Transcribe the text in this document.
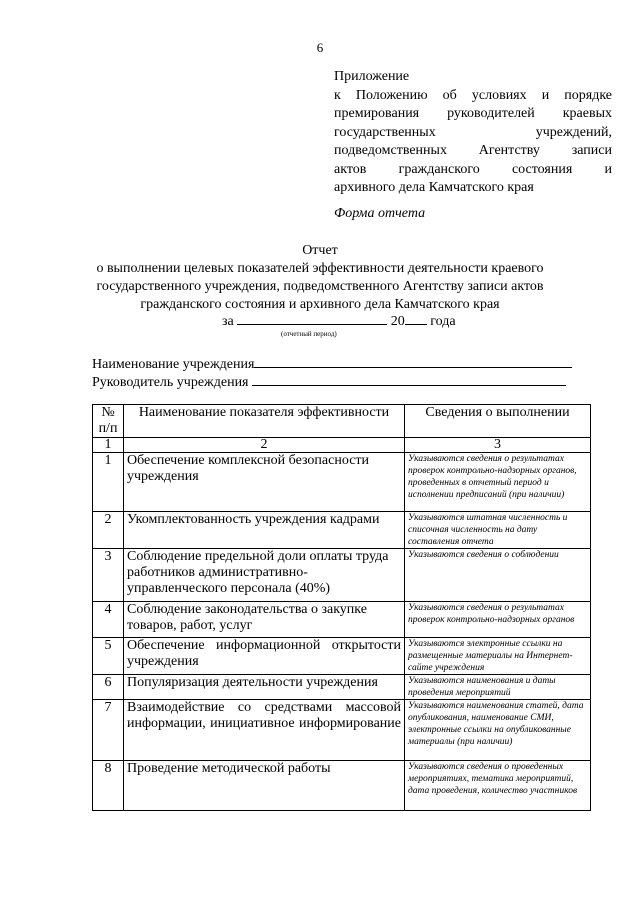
6
Приложение
к Положению об условиях и порядке
премирования руководителей краевых
государственных учреждений,
подведомственных Агентству записи
актов гражданского состояния и
архивного дела Камчатского края
Форма отчета
Отчет
о выполнении целевых показателей эффективности деятельности краевого
государственного учреждения, подведомственного Агентству записи актов
гражданского состояния и архивного дела Камчатского края
за	20 года
(отчетный период)
Наименование учреждения
Руководитель учреждения
№ п/п	Наименование показателя эффективности	Сведения о выполнении
1	2	3
1	Обеспечение комплексной безопасности учреждения	Указываются сведения о результатах проверок контрольно-надзорных органов, проведенных в отчетный период и исполнении предписаний (при наличии)
2	Укомплектованность учреждения кадрами	Указываются штатная численность и списочная численность на дату составления отчета
3	Соблюдение предельной доли оплаты труда работников административно-управленческого персонала (40%)	Указываются сведения о соблюдении
4	Соблюдение законодательства о закупке товаров, работ, услуг	Указываются сведения о результатах проверок контрольно-надзорных органов
5	Обеспечение информационной открытости учреждения	Указываются электронные ссылки на размещенные материалы на Интернет-сайте учреждения
6	Популяризация деятельности учреждения	Указываются наименования и даты проведения мероприятий
7	Взаимодействие со средствами массовой информации, инициативное информирование	Указываются наименования статей, дата опубликования, наименование СМИ, электронные ссылки на опубликованные материалы (при наличии)
8	Проведение методической работы	Указываются сведения о проведенных мероприятиях, тематика мероприятий, дата проведения, количество участников
